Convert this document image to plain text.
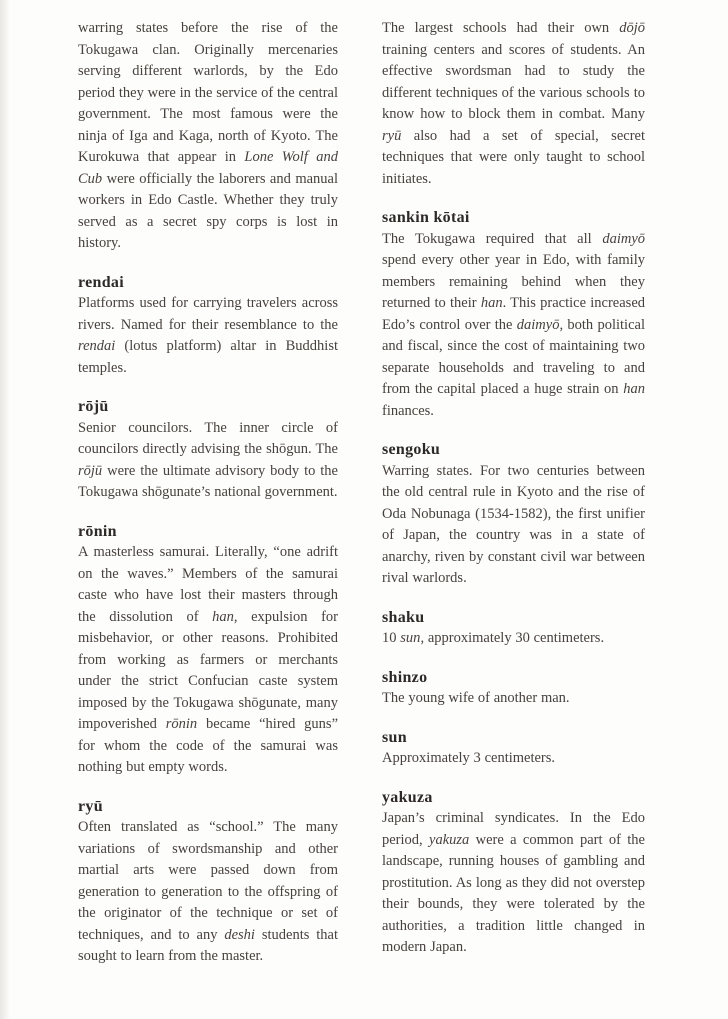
warring states before the rise of the Tokugawa clan. Originally mercenaries serving different warlords, by the Edo period they were in the service of the central government. The most famous were the ninja of Iga and Kaga, north of Kyoto. The Kurokuwa that appear in Lone Wolf and Cub were officially the laborers and manual workers in Edo Castle. Whether they truly served as a secret spy corps is lost in history.

rendai

Platforms used for carrying travelers across rivers. Named for their resemblance to the rendai (lotus platform) altar in Buddhist temples.

rōjū

Senior councilors. The inner circle of councilors directly advising the shōgun. The rōjū were the ultimate advisory body to the Tokugawa shōgunate’s national government.

rōnin

A masterless samurai. Literally, “one adrift on the waves.” Members of the samurai caste who have lost their masters through the dissolution of han, expulsion for misbehavior, or other reasons. Prohibited from working as farmers or merchants under the strict Confucian caste system imposed by the Tokugawa shōgunate, many impoverished rōnin became “hired guns” for whom the code of the samurai was nothing but empty words.

ryū

Often translated as “school.” The many variations of swordsmanship and other martial arts were passed down from generation to generation to the offspring of the originator of the technique or set of techniques, and to any deshi students that sought to learn from the master.

The largest schools had their own dōjō training centers and scores of students. An effective swordsman had to study the different techniques of the various schools to know how to block them in combat. Many ryū also had a set of special, secret techniques that were only taught to school initiates.

sankin kōtai

The Tokugawa required that all daimyō spend every other year in Edo, with family members remaining behind when they returned to their han. This practice increased Edo’s control over the daimyō, both political and fiscal, since the cost of maintaining two separate households and traveling to and from the capital placed a huge strain on han finances.

sengoku

Warring states. For two centuries between the old central rule in Kyoto and the rise of Oda Nobunaga (1534-1582), the first unifier of Japan, the country was in a state of anarchy, riven by constant civil war between rival warlords.

shaku

10 sun, approximately 30 centimeters.

shinzo

The young wife of another man.

sun

Approximately 3 centimeters.

yakuza

Japan’s criminal syndicates. In the Edo period, yakuza were a common part of the landscape, running houses of gambling and prostitution. As long as they did not overstep their bounds, they were tolerated by the authorities, a tradition little changed in modern Japan.
